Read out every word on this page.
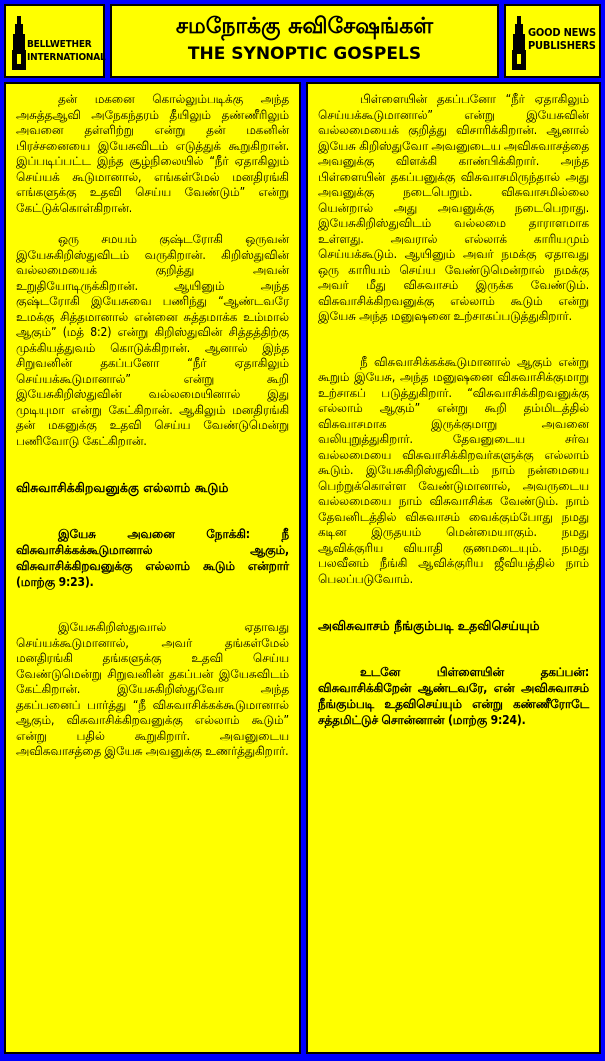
BELLWETHER
INTERNATIONAL
சமநோக்கு சுவிசேஷங்கள்
THE SYNOPTIC GOSPELS
GOOD NEWS
PUBLISHERS

தன் மகனை கொல்லும்படிக்கு அந்த அசுத்தஆவி அநேகந்தரம் தீயிலும் தண்ணீரிலும் அவனை தள்ளிற்று என்று தன் மகனின் பிரச்சனையை இயேசுவிடம் எடுத்துக் கூறுகிறான். இப்படிப்பட்ட இந்த சூழ்நிலையில் “நீர் ஏதாகிலும் செய்யக் கூடுமானால், எங்கள்மேல் மனதிரங்கி எங்களுக்கு உதவி செய்ய வேண்டும்” என்று கேட்டுக்கொள்கிறான்.

ஒரு சமயம் குஷ்டரோகி ஒருவன் இயேசுகிறிஸ்துவிடம் வருகிறான். கிறிஸ்துவின் வல்லமையைக் குறித்து அவன் உறுதியோடிருக்கிறான். ஆயினும் அந்த குஷ்டரோகி இயேசுவை பணிந்து “ஆண்டவரே உமக்கு சித்தமானால் என்னை சுத்தமாக்க உம்மால் ஆகும்” (மத் 8:2) என்று கிறிஸ்துவின் சித்தத்திற்கு முக்கியத்துவம் கொடுக்கிறான். ஆனால் இந்த சிறுவனின் தகப்பனோ “நீர் ஏதாகிலும் செய்யக்கூடுமானால்” என்று கூறி இயேசுகிறிஸ்துவின் வல்லமையினால் இது முடியுமா என்று கேட்கிறான். ஆகிலும் மனதிரங்கி தன் மகனுக்கு உதவி செய்ய வேண்டுமென்று பணிவோடு கேட்கிறான்.

விசுவாசிக்கிறவனுக்கு எல்லாம் கூடும்

இயேசு அவனை நோக்கி: நீ விசுவாசிக்கக்கூடுமானால் ஆகும், விசுவாசிக்கிறவனுக்கு எல்லாம் கூடும் என்றார் (மாற்கு 9:23).

இயேசுகிறிஸ்துவால் ஏதாவது செய்யக்கூடுமானால், அவர் தங்கள்மேல் மனதிரங்கி தங்களுக்கு உதவி செய்ய வேண்டுமென்று சிறுவனின் தகப்பன் இயேசுவிடம் கேட்கிறான். இயேசுகிறிஸ்துவோ அந்த தகப்பனைப் பார்த்து “நீ விசுவாசிக்கக்கூடுமானால் ஆகும், விசுவாசிக்கிறவனுக்கு எல்லாம் கூடும்” என்று பதில் கூறுகிறார். அவனுடைய அவிசுவாசத்தை இயேசு அவனுக்கு உணர்த்துகிறார்.

பிள்ளையின் தகப்பனோ “நீர் ஏதாகிலும் செய்யக்கூடுமானால்” என்று இயேசுவின் வல்லமையைக் குறித்து விசாரிக்கிறான். ஆனால் இயேசு கிறிஸ்துவோ அவனுடைய அவிசுவாசத்தை அவனுக்கு விளக்கி காண்பிக்கிறார். அந்த பிள்ளையின் தகப்பனுக்கு விசுவாசமிருந்தால் அது அவனுக்கு நடைபெறும். விசுவாசமில்லை யென்றால் அது அவனுக்கு நடைபெறாது. இயேசுகிறிஸ்துவிடம் வல்லமை தாராளமாக உள்ளது. அவரால் எல்லாக் காரியமும் செய்யக்கூடும். ஆயினும் அவர் நமக்கு ஏதாவது ஒரு காரியம் செய்ய வேண்டுமென்றால் நமக்கு அவர் மீது விசுவாசம் இருக்க வேண்டும். விசுவாசிக்கிறவனுக்கு எல்லாம் கூடும் என்று இயேசு அந்த மனுஷனை உற்சாகப்படுத்துகிறார்.

நீ விசுவாசிக்கக்கூடுமானால் ஆகும் என்று கூறும் இயேசு, அந்த மனுஷனை விசுவாசிக்குமாறு உற்சாகப் படுத்துகிறார். “விசுவாசிக்கிறவனுக்கு எல்லாம் ஆகும்” என்று கூறி தம்மிடத்தில் விசுவாசமாக இருக்குமாறு அவனை வலியுறுத்துகிறார். தேவனுடைய சர்வ வல்லமையை விசுவாசிக்கிறவர்களுக்கு எல்லாம் கூடும். இயேசுகிறிஸ்துவிடம் நாம் நன்மையை பெற்றுக்கொள்ள வேண்டுமானால், அவருடைய வல்லமையை நாம் விசுவாசிக்க வேண்டும். நாம் தேவனிடத்தில் விசுவாசம் வைக்கும்போது நமது கடின இருதயம் மென்மையாகும். நமது ஆவிக்குரிய வியாதி குணமடையும். நமது பலவீனம் நீங்கி ஆவிக்குரிய ஜீவியத்தில் நாம் பெலப்படுவோம்.

அவிசுவாசம் நீங்கும்படி உதவிசெய்யும்

உடனே பிள்ளையின் தகப்பன்: விசுவாசிக்கிறேன் ஆண்டவரே, என் அவிசுவாசம் நீங்கும்படி உதவிசெய்யும் என்று கண்ணீரோடே சத்தமிட்டுச் சொன்னான் (மாற்கு 9:24).
